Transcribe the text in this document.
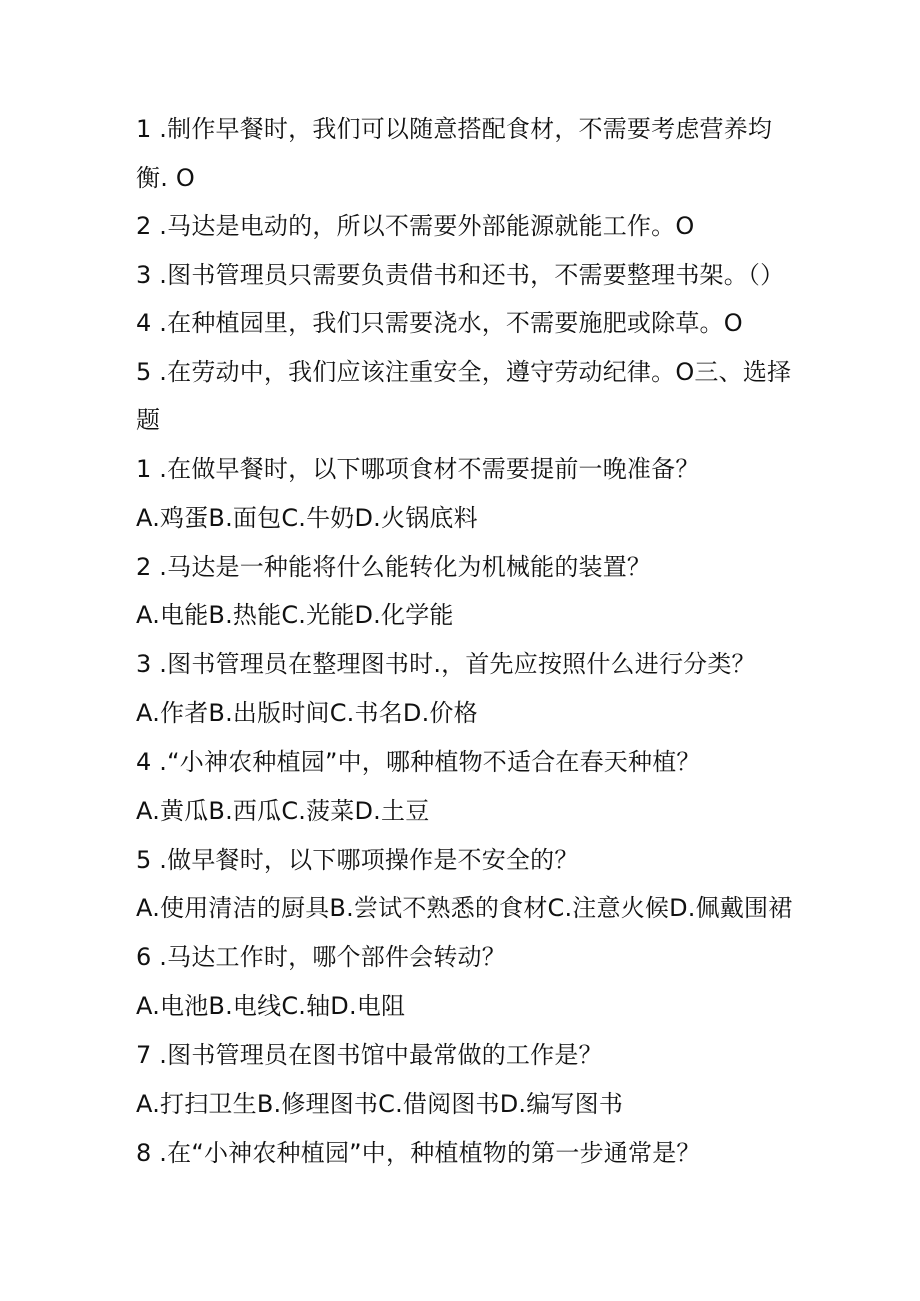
1 .制作早餐时，我们可以随意搭配食材，不需要考虑营养均
衡. O
2 .马达是电动的，所以不需要外部能源就能工作。O
3 .图书管理员只需要负责借书和还书，不需要整理书架。（）
4 .在种植园里，我们只需要浇水，不需要施肥或除草。O
5 .在劳动中，我们应该注重安全，遵守劳动纪律。O三、选择
题
1 .在做早餐时，以下哪项食材不需要提前一晚准备？
A.鸡蛋B.面包C.牛奶D.火锅底料
2 .马达是一种能将什么能转化为机械能的装置？
A.电能B.热能C.光能D.化学能
3 .图书管理员在整理图书时.，首先应按照什么进行分类？
A.作者B.出版时间C.书名D.价格
4 .“小神农种植园”中，哪种植物不适合在春天种植？
A.黄瓜B.西瓜C.菠菜D.土豆
5 .做早餐时，以下哪项操作是不安全的？
A.使用清洁的厨具B.尝试不熟悉的食材C.注意火候D.佩戴围裙
6 .马达工作时，哪个部件会转动？
A.电池B.电线C.轴D.电阻
7 .图书管理员在图书馆中最常做的工作是？
A.打扫卫生B.修理图书C.借阅图书D.编写图书
8 .在“小神农种植园”中，种植植物的第一步通常是？
